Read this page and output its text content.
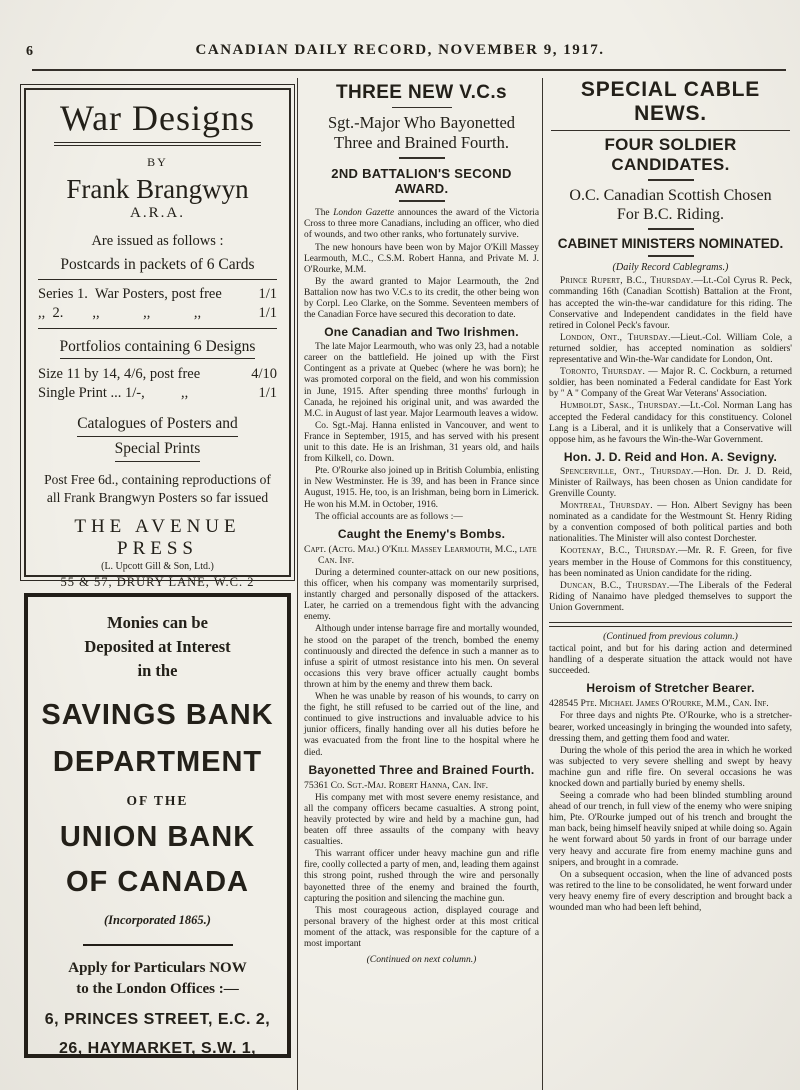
6	CANADIAN DAILY RECORD, NOVEMBER 9, 1917.
War Designs
BY
Frank Brangwyn
A.R.A.
Are issued as follows :
Postcards in packets of 6 Cards
Series 1.  War Posters, post free	1/1
,,  2.        ,,            ,,            ,,	1/1
Portfolios containing 6 Designs
Size 11 by 14, 4/6, post free	4/10
Single Print ... 1/-,          ,,	1/1
Catalogues of Posters and
Special Prints
Post Free 6d., containing reproductions of all Frank Brangwyn Posters so far issued
THE AVENUE PRESS
(L. Upcott Gill & Son, Ltd.)
55 & 57, DRURY LANE, W.C. 2
Monies can be
Deposited at Interest
in the
SAVINGS BANK
DEPARTMENT
OF THE
UNION BANK
OF CANADA
(Incorporated 1865.)
Apply for Particulars NOW
to the London Offices :—
6, PRINCES STREET, E.C. 2,
26, HAYMARKET, S.W. 1,
THREE NEW V.C.s
Sgt.-Major Who Bayonetted
Three and Brained Fourth.
2ND BATTALION'S SECOND AWARD.

The London Gazette announces the award of the Victoria Cross to three more Canadians, including an officer, who died of wounds, and two other ranks, who fortunately survive.

The new honours have been won by Major O'Kill Massey Learmouth, M.C., C.S.M. Robert Hanna, and Private M. J. O'Rourke, M.M.

By the award granted to Major Learmouth, the 2nd Battalion now has two V.C.s to its credit, the other being won by Corpl. Leo Clarke, on the Somme. Seventeen members of the Canadian Force have secured this decoration to date.

One Canadian and Two Irishmen.

The late Major Learmouth, who was only 23, had a notable career on the battlefield. He joined up with the First Contingent as a private at Quebec (where he was born); he was promoted corporal on the field, and won his commission in June, 1915. After spending three months' furlough in Canada, he rejoined his original unit, and was awarded the M.C. in August of last year. Major Learmouth leaves a widow.

Co. Sgt.-Maj. Hanna enlisted in Vancouver, and went to France in September, 1915, and has served with his present unit to this date. He is an Irishman, 31 years old, and hails from Kilkell, co. Down.

Pte. O'Rourke also joined up in British Columbia, enlisting in New Westminster. He is 39, and has been in France since August, 1915. He, too, is an Irishman, being born in Limerick. He won his M.M. in October, 1916.

The official accounts are as follows :—

Caught the Enemy's Bombs.

Capt. (Actg. Maj.) O'Kill Massey Learmouth, M.C., late Can. Inf.

During a determined counter-attack on our new positions, this officer, when his company was momentarily surprised, instantly charged and personally disposed of the attackers. Later, he carried on a tremendous fight with the advancing enemy.

Although under intense barrage fire and mortally wounded, he stood on the parapet of the trench, bombed the enemy continuously and directed the defence in such a manner as to infuse a spirit of utmost resistance into his men. On several occasions this very brave officer actually caught bombs thrown at him by the enemy and threw them back.

When he was unable by reason of his wounds, to carry on the fight, he still refused to be carried out of the line, and continued to give instructions and invaluable advice to his junior officers, finally handing over all his duties before he was evacuated from the front line to the hospital where he died.

Bayonetted Three and Brained Fourth.

75361 Co. Sgt.-Maj. Robert Hanna, Can. Inf.

His company met with most severe enemy resistance, and all the company officers became casualties. A strong point, heavily protected by wire and held by a machine gun, had beaten off three assaults of the company with heavy casualties.

This warrant officer under heavy machine gun and rifle fire, coolly collected a party of men, and, leading them against this strong point, rushed through the wire and personally bayonetted three of the enemy and brained the fourth, capturing the position and silencing the machine gun.

This most courageous action, displayed courage and personal bravery of the highest order at this most critical moment of the attack, was responsible for the capture of a most important

(Continued on next column.)
SPECIAL CABLE NEWS.
FOUR SOLDIER CANDIDATES.
O.C. Canadian Scottish Chosen
For B.C. Riding.
CABINET MINISTERS NOMINATED.
(Daily Record Cablegrams.)

Prince Rupert, B.C., Thursday.—Lt.-Col Cyrus R. Peck, commanding 16th (Canadian Scottish) Battalion at the Front, has accepted the win-the-war candidature for this riding. The Conservative and Independent candidates in the field have retired in Colonel Peck's favour.

London, Ont., Thursday.—Lieut.-Col. William Cole, a returned soldier, has accepted nomination as soldiers' representative and Win-the-War candidate for London, Ont.

Toronto, Thursday. — Major R. C. Cockburn, a returned soldier, has been nominated a Federal candidate for East York by " A " Company of the Great War Veterans' Association.

Humboldt, Sask., Thursday.—Lt.-Col. Norman Lang has accepted the Federal candidacy for this constituency. Colonel Lang is a Liberal, and it is unlikely that a Conservative will oppose him, as he favours the Win-the-War Government.

Hon. J. D. Reid and Hon. A. Sevigny.

Spencerville, Ont., Thursday.—Hon. Dr. J. D. Reid, Minister of Railways, has been chosen as Union candidate for Grenville County.

Montreal, Thursday. — Hon. Albert Sevigny has been nominated as a candidate for the Westmount St. Henry Riding by a convention composed of both political parties and both nationalities. The Minister will also contest Dorchester.

Kootenay, B.C., Thursday.—Mr. R. F. Green, for five years member in the House of Commons for this constituency, has been nominated as Union candidate for the riding.

Duncan, B.C., Thursday.—The Liberals of the Federal Riding of Nanaimo have pledged themselves to support the Union Government.

(Continued from previous column.)

tactical point, and but for his daring action and determined handling of a desperate situation the attack would not have succeeded.

Heroism of Stretcher Bearer.

428545 Pte. Michael James O'Rourke, M.M., Can. Inf.

For three days and nights Pte. O'Rourke, who is a stretcher-bearer, worked unceasingly in bringing the wounded into safety, dressing them, and getting them food and water.

During the whole of this period the area in which he worked was subjected to very severe shelling and swept by heavy machine gun and rifle fire. On several occasions he was knocked down and partially buried by enemy shells.

Seeing a comrade who had been blinded stumbling around ahead of our trench, in full view of the enemy who were sniping him, Pte. O'Rourke jumped out of his trench and brought the man back, being himself heavily sniped at while doing so. Again he went forward about 50 yards in front of our barrage under very heavy and accurate fire from enemy machine guns and snipers, and brought in a comrade.

On a subsequent occasion, when the line of advanced posts was retired to the line to be consolidated, he went forward under very heavy enemy fire of every description and brought back a wounded man who had been left behind,
